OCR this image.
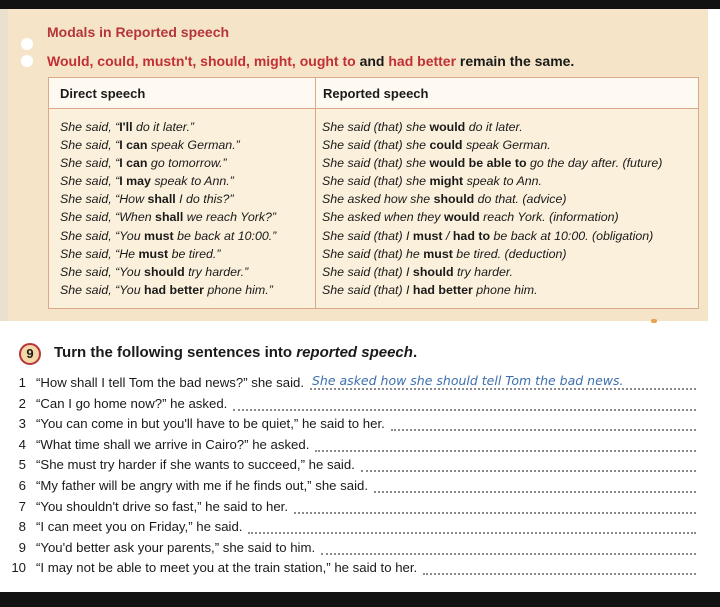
Modals in Reported speech
Would, could, mustn't, should, might, ought to and had better remain the same.
Direct speech	Reported speech
She said, “I'll do it later.”	She said (that) she would do it later.
She said, “I can speak German.”	She said (that) she could speak German.
She said, “I can go tomorrow.”	She said (that) she would be able to go the day after. (future)
She said, “I may speak to Ann.”	She said (that) she might speak to Ann.
She said, “How shall I do this?”	She asked how she should do that. (advice)
She said, “When shall we reach York?”	She asked when they would reach York. (information)
She said, “You must be back at 10:00.”	She said (that) I must / had to be back at 10:00. (obligation)
She said, “He must be tired.”	She said (that) he must be tired. (deduction)
She said, “You should try harder.”	She said (that) I should try harder.
She said, “You had better phone him.”	She said (that) I had better phone him.
9	Turn the following sentences into reported speech.
1 “How shall I tell Tom the bad news?” she said. She asked how she should tell Tom the bad news.
2 “Can I go home now?” he asked.
3 “You can come in but you'll have to be quiet,” he said to her.
4 “What time shall we arrive in Cairo?” he asked.
5 “She must try harder if she wants to succeed,” he said.
6 “My father will be angry with me if he finds out,” she said.
7 “You shouldn't drive so fast,” he said to her.
8 “I can meet you on Friday,” he said.
9 “You'd better ask your parents,” she said to him.
10 “I may not be able to meet you at the train station,” he said to her.
